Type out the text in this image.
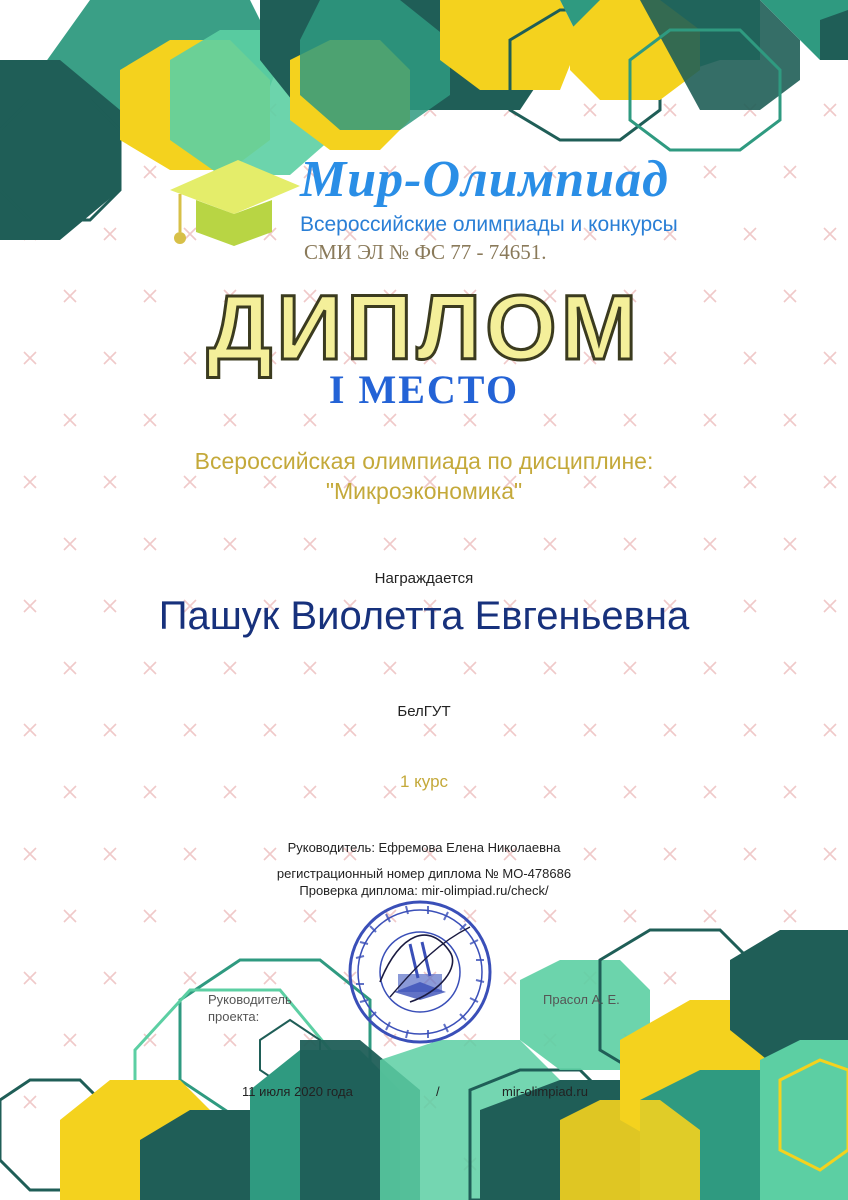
Мир-Олимпиад
Всероссийские олимпиады и конкурсы
СМИ ЭЛ № ФС 77 - 74651.
ДИПЛОМ
I МЕСТО
Всероссийская олимпиада по дисциплине:
"Микроэкономика"
Награждается
Пашук Виолетта Евгеньевна
БелГУТ
1 курс
Руководитель: Ефремова Елена Николаевна
регистрационный номер диплома № МО-478686
Проверка диплома: mir-olimpiad.ru/check/
Руководитель
проекта:
Прасол А. Е.
11 июля 2020 года	/	mir-olimpiad.ru
